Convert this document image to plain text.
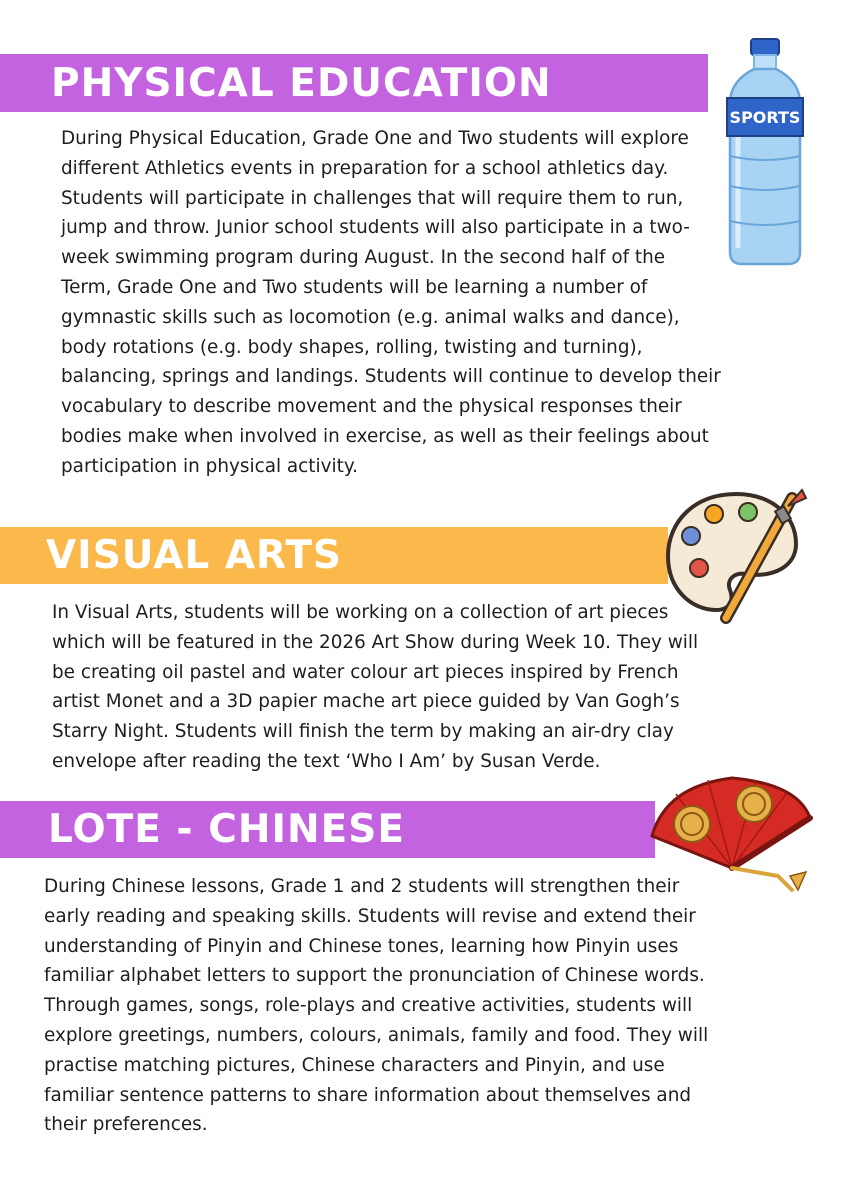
PHYSICAL EDUCATION

During Physical Education, Grade One and Two students will explore different Athletics events in preparation for a school athletics day. Students will participate in challenges that will require them to run, jump and throw. Junior school students will also participate in a two-week swimming program during August. In the second half of the Term, Grade One and Two students will be learning a number of gymnastic skills such as locomotion (e.g. animal walks and dance), body rotations (e.g. body shapes, rolling, twisting and turning), balancing, springs and landings. Students will continue to develop their vocabulary to describe movement and the physical responses their bodies make when involved in exercise, as well as their feelings about participation in physical activity.

SPORTS
VISUAL ARTS

In Visual Arts, students will be working on a collection of art pieces which will be featured in the 2026 Art Show during Week 10. They will be creating oil pastel and water colour art pieces inspired by French artist Monet and a 3D papier mache art piece guided by Van Gogh’s Starry Night. Students will finish the term by making an air-dry clay envelope after reading the text ‘Who I Am’ by Susan Verde.

LOTE - CHINESE

During Chinese lessons, Grade 1 and 2 students will strengthen their early reading and speaking skills. Students will revise and extend their understanding of Pinyin and Chinese tones, learning how Pinyin uses familiar alphabet letters to support the pronunciation of Chinese words. Through games, songs, role-plays and creative activities, students will explore greetings, numbers, colours, animals, family and food. They will practise matching pictures, Chinese characters and Pinyin, and use familiar sentence patterns to share information about themselves and their preferences.
